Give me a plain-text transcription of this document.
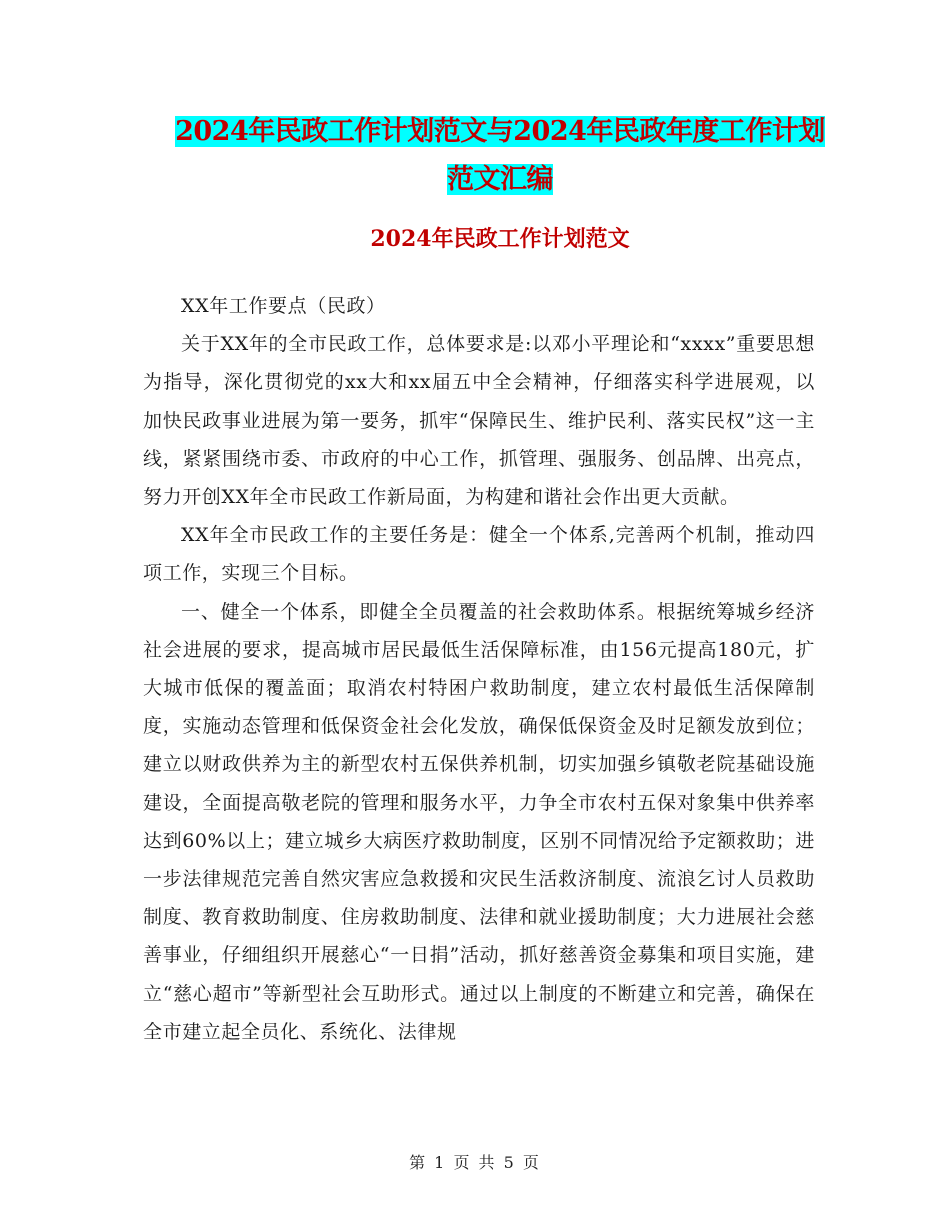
2024年民政工作计划范文与2024年民政年度工作计划
范文汇编
2024年民政工作计划范文

XX年工作要点（民政）

关于XX年的全市民政工作，总体要求是:以邓小平理论和“xxxx”重要思想为指导，深化贯彻党的xx大和xx届五中全会精神，仔细落实科学进展观，以加快民政事业进展为第一要务，抓牢“保障民生、维护民利、落实民权”这一主线，紧紧围绕市委、市政府的中心工作，抓管理、强服务、创品牌、出亮点，努力开创XX年全市民政工作新局面，为构建和谐社会作出更大贡献。

XX年全市民政工作的主要任务是：健全一个体系,完善两个机制，推动四项工作，实现三个目标。

一、健全一个体系，即健全全员覆盖的社会救助体系。根据统筹城乡经济社会进展的要求，提高城市居民最低生活保障标准，由156元提高180元，扩大城市低保的覆盖面；取消农村特困户救助制度，建立农村最低生活保障制度，实施动态管理和低保资金社会化发放，确保低保资金及时足额发放到位；建立以财政供养为主的新型农村五保供养机制，切实加强乡镇敬老院基础设施建设，全面提高敬老院的管理和服务水平，力争全市农村五保对象集中供养率达到60%以上；建立城乡大病医疗救助制度，区别不同情况给予定额救助；进一步法律规范完善自然灾害应急救援和灾民生活救济制度、流浪乞讨人员救助制度、教育救助制度、住房救助制度、法律和就业援助制度；大力进展社会慈善事业，仔细组织开展慈心“一日捐”活动，抓好慈善资金募集和项目实施，建立“慈心超市”等新型社会互助形式。通过以上制度的不断建立和完善，确保在全市建立起全员化、系统化、法律规

第 1 页 共 5 页
